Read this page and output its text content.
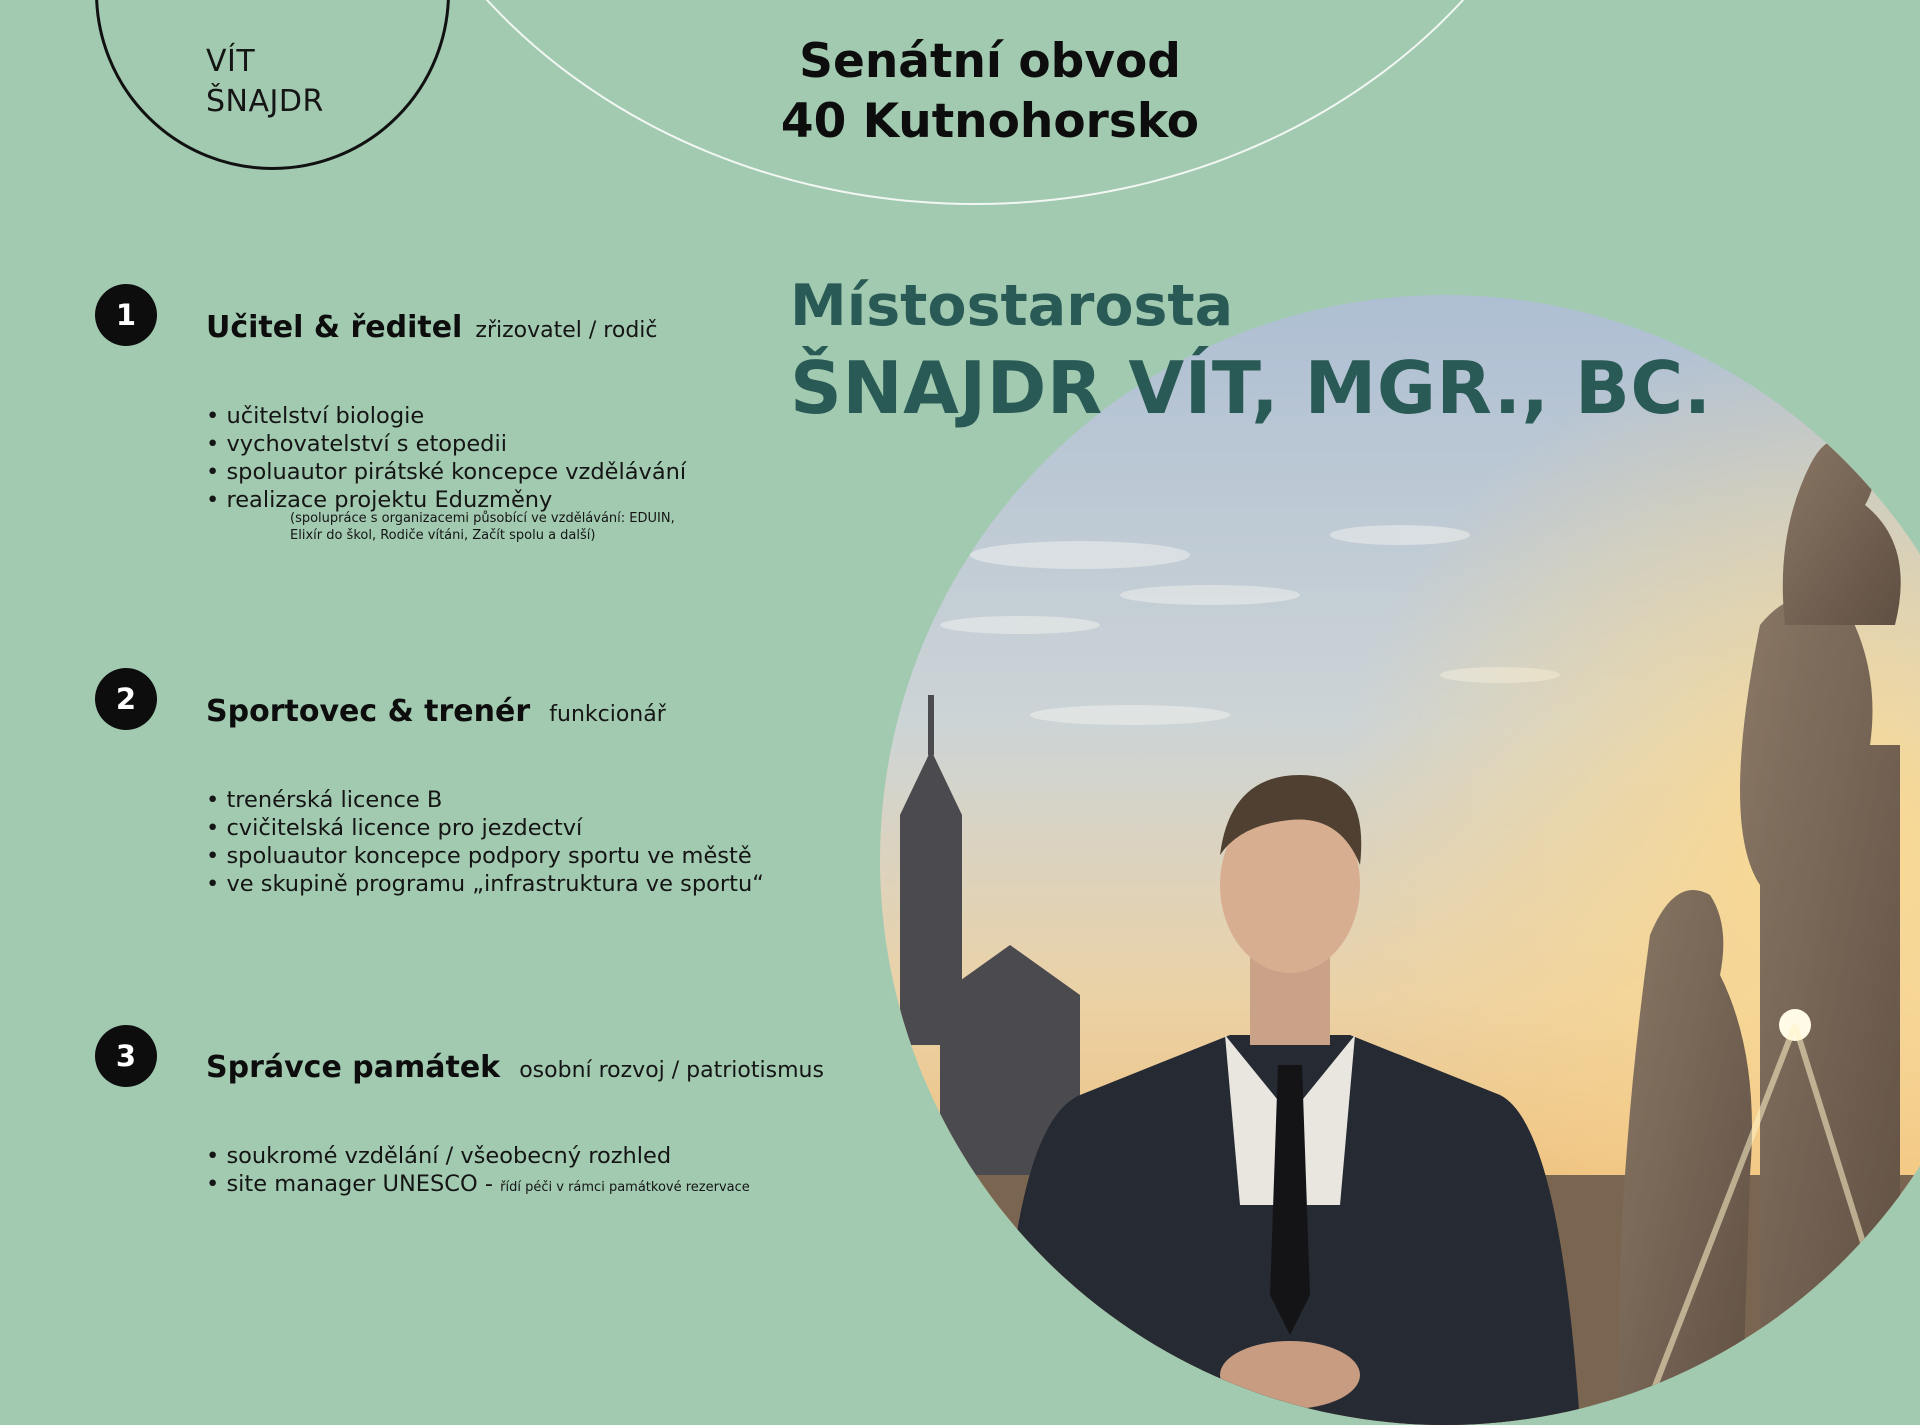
VÍT
ŠNAJDR
Senátní obvod
40 Kutnohorsko
Místostarosta
ŠNAJDR VÍT, MGR., BC.
1	Učitel & ředitel zřizovatel / rodič
• učitelství biologie
• vychovatelství s etopedii
• spoluautor pirátské koncepce vzdělávání
• realizace projektu Eduzměny
(spolupráce s organizacemi působící ve vzdělávání: EDUIN,
Elixír do škol, Rodiče vítáni, Začít spolu a další)
2	Sportovec & trenér funkcionář
• trenérská licence B
• cvičitelská licence pro jezdectví
• spoluautor koncepce podpory sportu ve městě
• ve skupině programu „infrastruktura ve sportu“
3	Správce památek osobní rozvoj / patriotismus
• soukromé vzdělání / všeobecný rozhled
• site manager UNESCO - řídí péči v rámci památkové rezervace
